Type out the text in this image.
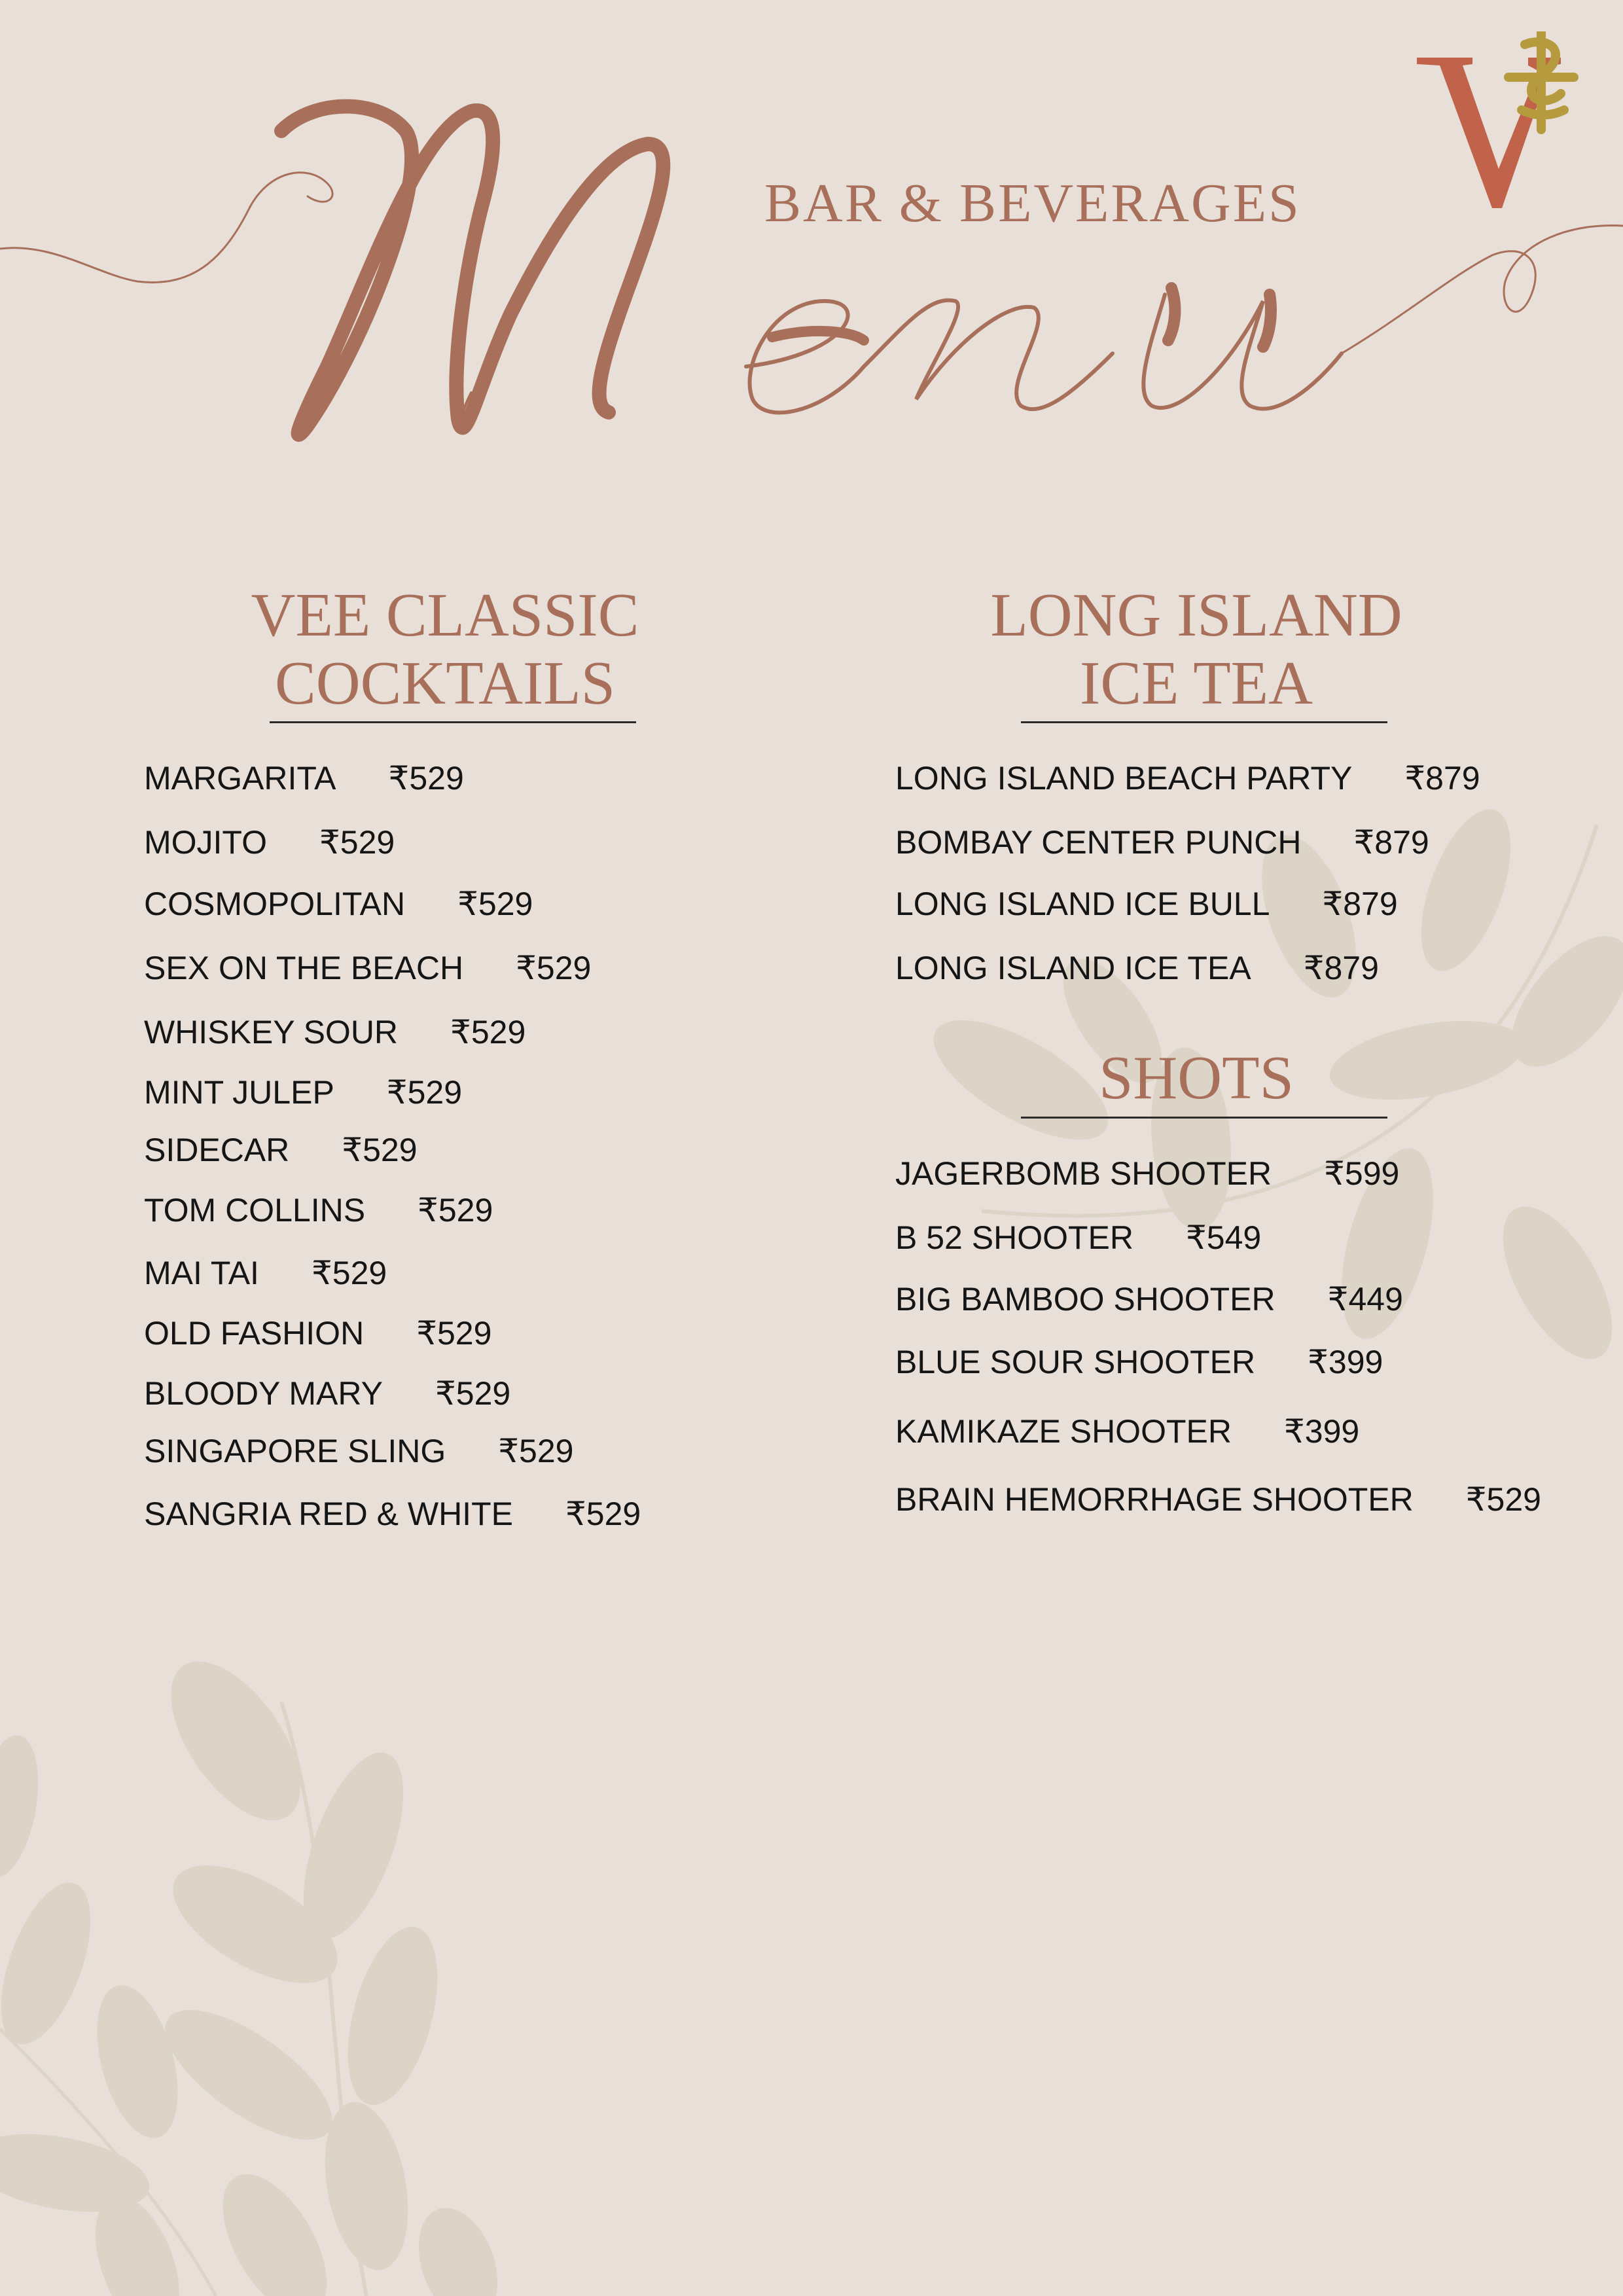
BAR & BEVERAGES
VEE CLASSIC
COCKTAILS
MARGARITA ₹529
MOJITO ₹529
COSMOPOLITAN ₹529
SEX ON THE BEACH ₹529
WHISKEY SOUR ₹529
MINT JULEP ₹529
SIDECAR ₹529
TOM COLLINS ₹529
MAI TAI ₹529
OLD FASHION ₹529
BLOODY MARY ₹529
SINGAPORE SLING ₹529
SANGRIA RED & WHITE ₹529
LONG ISLAND
ICE TEA
LONG ISLAND BEACH PARTY ₹879
BOMBAY CENTER PUNCH ₹879
LONG ISLAND ICE BULL ₹879
LONG ISLAND ICE TEA ₹879
SHOTS
JAGERBOMB SHOOTER ₹599
B 52 SHOOTER ₹549
BIG BAMBOO SHOOTER ₹449
BLUE SOUR SHOOTER ₹399
KAMIKAZE SHOOTER ₹399
BRAIN HEMORRHAGE SHOOTER ₹529
